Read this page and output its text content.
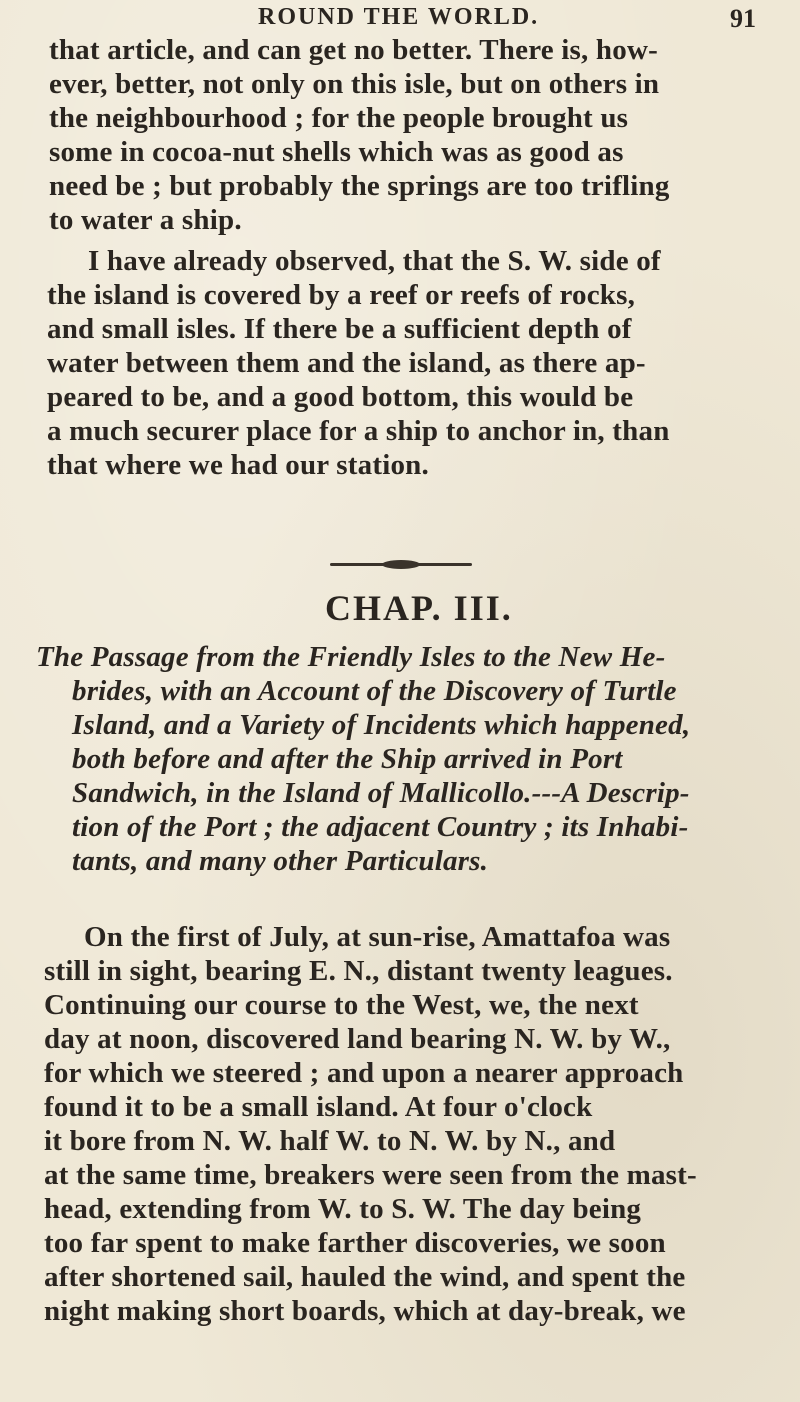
ROUND THE WORLD.	91
that article, and can get no better. There is, how-
ever, better, not only on this isle, but on others in
the neighbourhood ; for the people brought us
some in cocoa-nut shells which was as good as
need be ; but probably the springs are too trifling
to water a ship.
I have already observed, that the S. W. side of
the island is covered by a reef or reefs of rocks,
and small isles. If there be a sufficient depth of
water between them and the island, as there ap-
peared to be, and a good bottom, this would be
a much securer place for a ship to anchor in, than
that where we had our station.
CHAP. III.
The Passage from the Friendly Isles to the New He-
brides, with an Account of the Discovery of Turtle
Island, and a Variety of Incidents which happened,
both before and after the Ship arrived in Port
Sandwich, in the Island of Mallicollo.---A Descrip-
tion of the Port ; the adjacent Country ; its Inhabi-
tants, and many other Particulars.
On the first of July, at sun-rise, Amattafoa was
still in sight, bearing E. N., distant twenty leagues.
Continuing our course to the West, we, the next
day at noon, discovered land bearing N. W. by W.,
for which we steered ; and upon a nearer approach
found it to be a small island. At four o'clock
it bore from N. W. half W. to N. W. by N., and
at the same time, breakers were seen from the mast-
head, extending from W. to S. W. The day being
too far spent to make farther discoveries, we soon
after shortened sail, hauled the wind, and spent the
night making short boards, which at day-break, we
